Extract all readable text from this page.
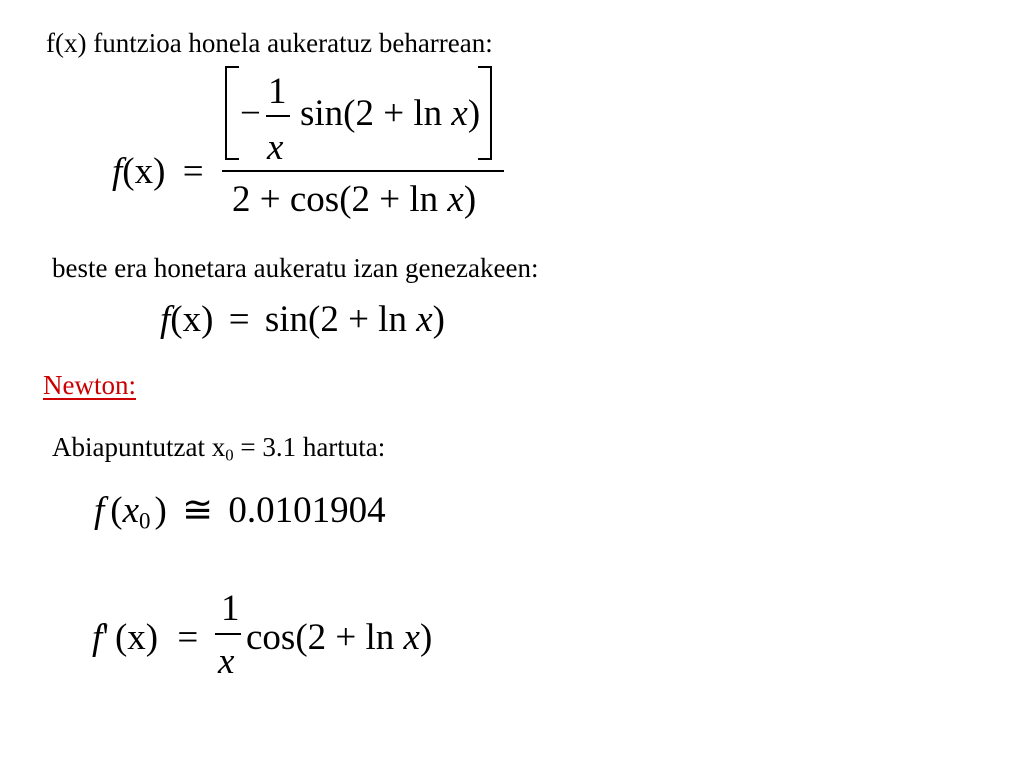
f(x) funtzioa honela aukeratuz beharrean:
f(x) =
−
1
x
sin(2 + ln x)
2 + cos(2 + ln x)
beste era honetara aukeratu izan genezakeen:
f(x) = sin(2 + ln x)
Newton:
Abiapuntutzat $x_0 = 3.1$ hartuta:
f ($x_0$ ) ≅ 0.0101904
f' (x) =
1
x
cos(2 + ln x)
